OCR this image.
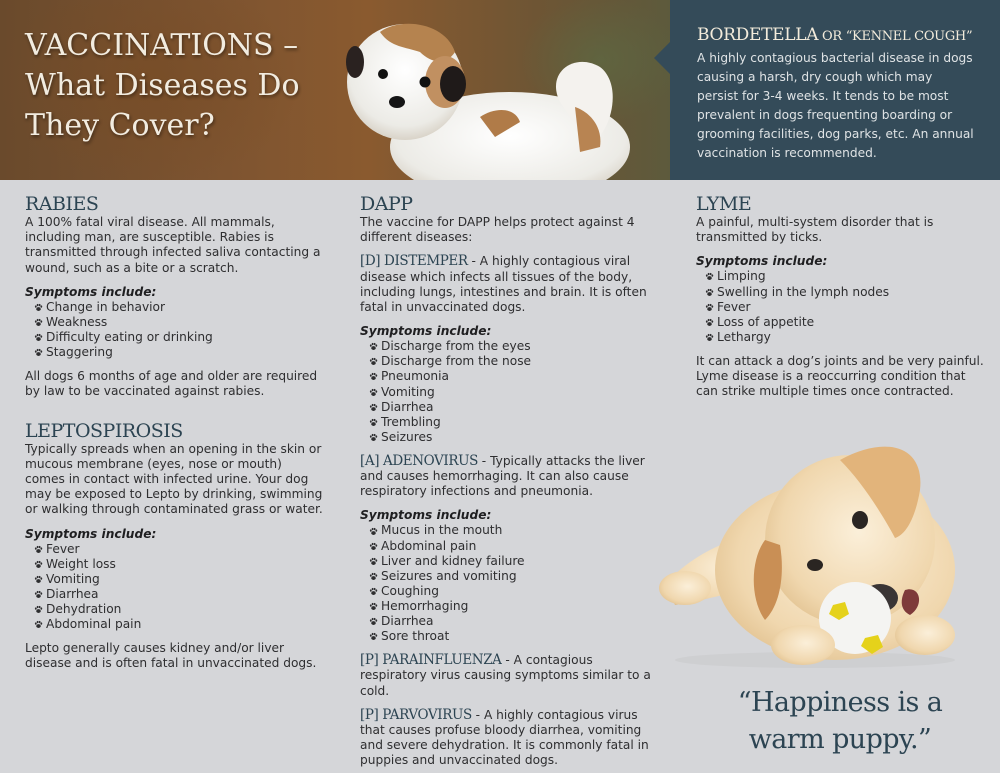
VACCINATIONS –
What Diseases Do
They Cover?
BORDETELLA OR “KENNEL COUGH”

A highly contagious bacterial disease in dogs causing a harsh, dry cough which may persist for 3-4 weeks. It tends to be most prevalent in dogs frequenting boarding or grooming facilities, dog parks, etc. An annual vaccination is recommended.

RABIES

A 100% fatal viral disease. All mammals, including man, are susceptible. Rabies is transmitted through infected saliva contacting a wound, such as a bite or a scratch.

Symptoms include:
Change in behavior
Weakness
Difficulty eating or drinking
Staggering

All dogs 6 months of age and older are required by law to be vaccinated against rabies.

LEPTOSPIROSIS

Typically spreads when an opening in the skin or mucous membrane (eyes, nose or mouth) comes in contact with infected urine. Your dog may be exposed to Lepto by drinking, swimming or walking through contaminated grass or water.

Symptoms include:
Fever
Weight loss
Vomiting
Diarrhea
Dehydration
Abdominal pain

Lepto generally causes kidney and/or liver disease and is often fatal in unvaccinated dogs.

DAPP

The vaccine for DAPP helps protect against 4 different diseases:

[D] DISTEMPER - A highly contagious viral disease which infects all tissues of the body, including lungs, intestines and brain. It is often fatal in unvaccinated dogs.

Symptoms include:
Discharge from the eyes
Discharge from the nose
Pneumonia
Vomiting
Diarrhea
Trembling
Seizures

[A] ADENOVIRUS - Typically attacks the liver and causes hemorrhaging. It can also cause respiratory infections and pneumonia.

Symptoms include:
Mucus in the mouth
Abdominal pain
Liver and kidney failure
Seizures and vomiting
Coughing
Hemorrhaging
Diarrhea
Sore throat

[P] PARAINFLUENZA - A contagious respiratory virus causing symptoms similar to a cold.

[P] PARVOVIRUS - A highly contagious virus that causes profuse bloody diarrhea, vomiting and severe dehydration. It is commonly fatal in puppies and unvaccinated dogs.

LYME

A painful, multi-system disorder that is transmitted by ticks.

Symptoms include:
Limping
Swelling in the lymph nodes
Fever
Loss of appetite
Lethargy

It can attack a dog’s joints and be very painful. Lyme disease is a reoccurring condition that can strike multiple times once contracted.

“Happiness is a
warm puppy.”
